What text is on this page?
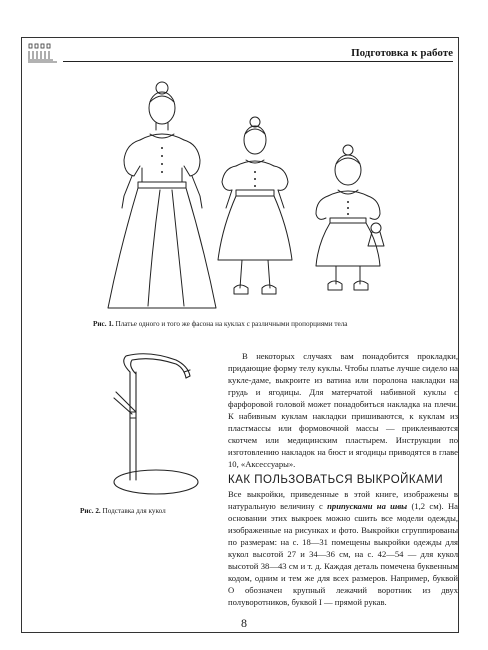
Подготовка к работе
Рис. 1. Платье одного и того же фасона на куклах с различными пропорциями тела
Рис. 2. Подставка для кукол
В некоторых случаях вам понадобится прокладки, придающие форму телу куклы. Чтобы платье лучше сидело на кукле-даме, выкроите из ватина или поролона накладки на грудь и ягодицы. Для матерчатой набивной куклы с фарфоровой головой может понадобиться накладка на плечи. К набивным куклам накладки пришиваются, к куклам из пластмассы или формовочной массы — приклеиваются скотчем или медицинским пластырем. Инструкции по изготовлению накладок на бюст и ягодицы приводятся в главе 10, «Аксессуары».
КАК ПОЛЬЗОВАТЬСЯ ВЫКРОЙКАМИ
Все выкройки, приведенные в этой книге, изображены в натуральную величину с припусками на швы (1,2 см). На основании этих выкроек можно сшить все модели одежды, изображенные на рисунках и фото. Выкройки сгруппированы по размерам: на с. 18—31 помещены выкройки одежды для кукол высотой 27 и 34—36 см, на с. 42—54 — для кукол высотой 38—43 см и т. д. Каждая деталь помечена буквенным кодом, одним и тем же для всех размеров. Например, буквой О обозначен крупный лежачий воротник из двух полуворотников, буквой I — прямой рукав.
8
